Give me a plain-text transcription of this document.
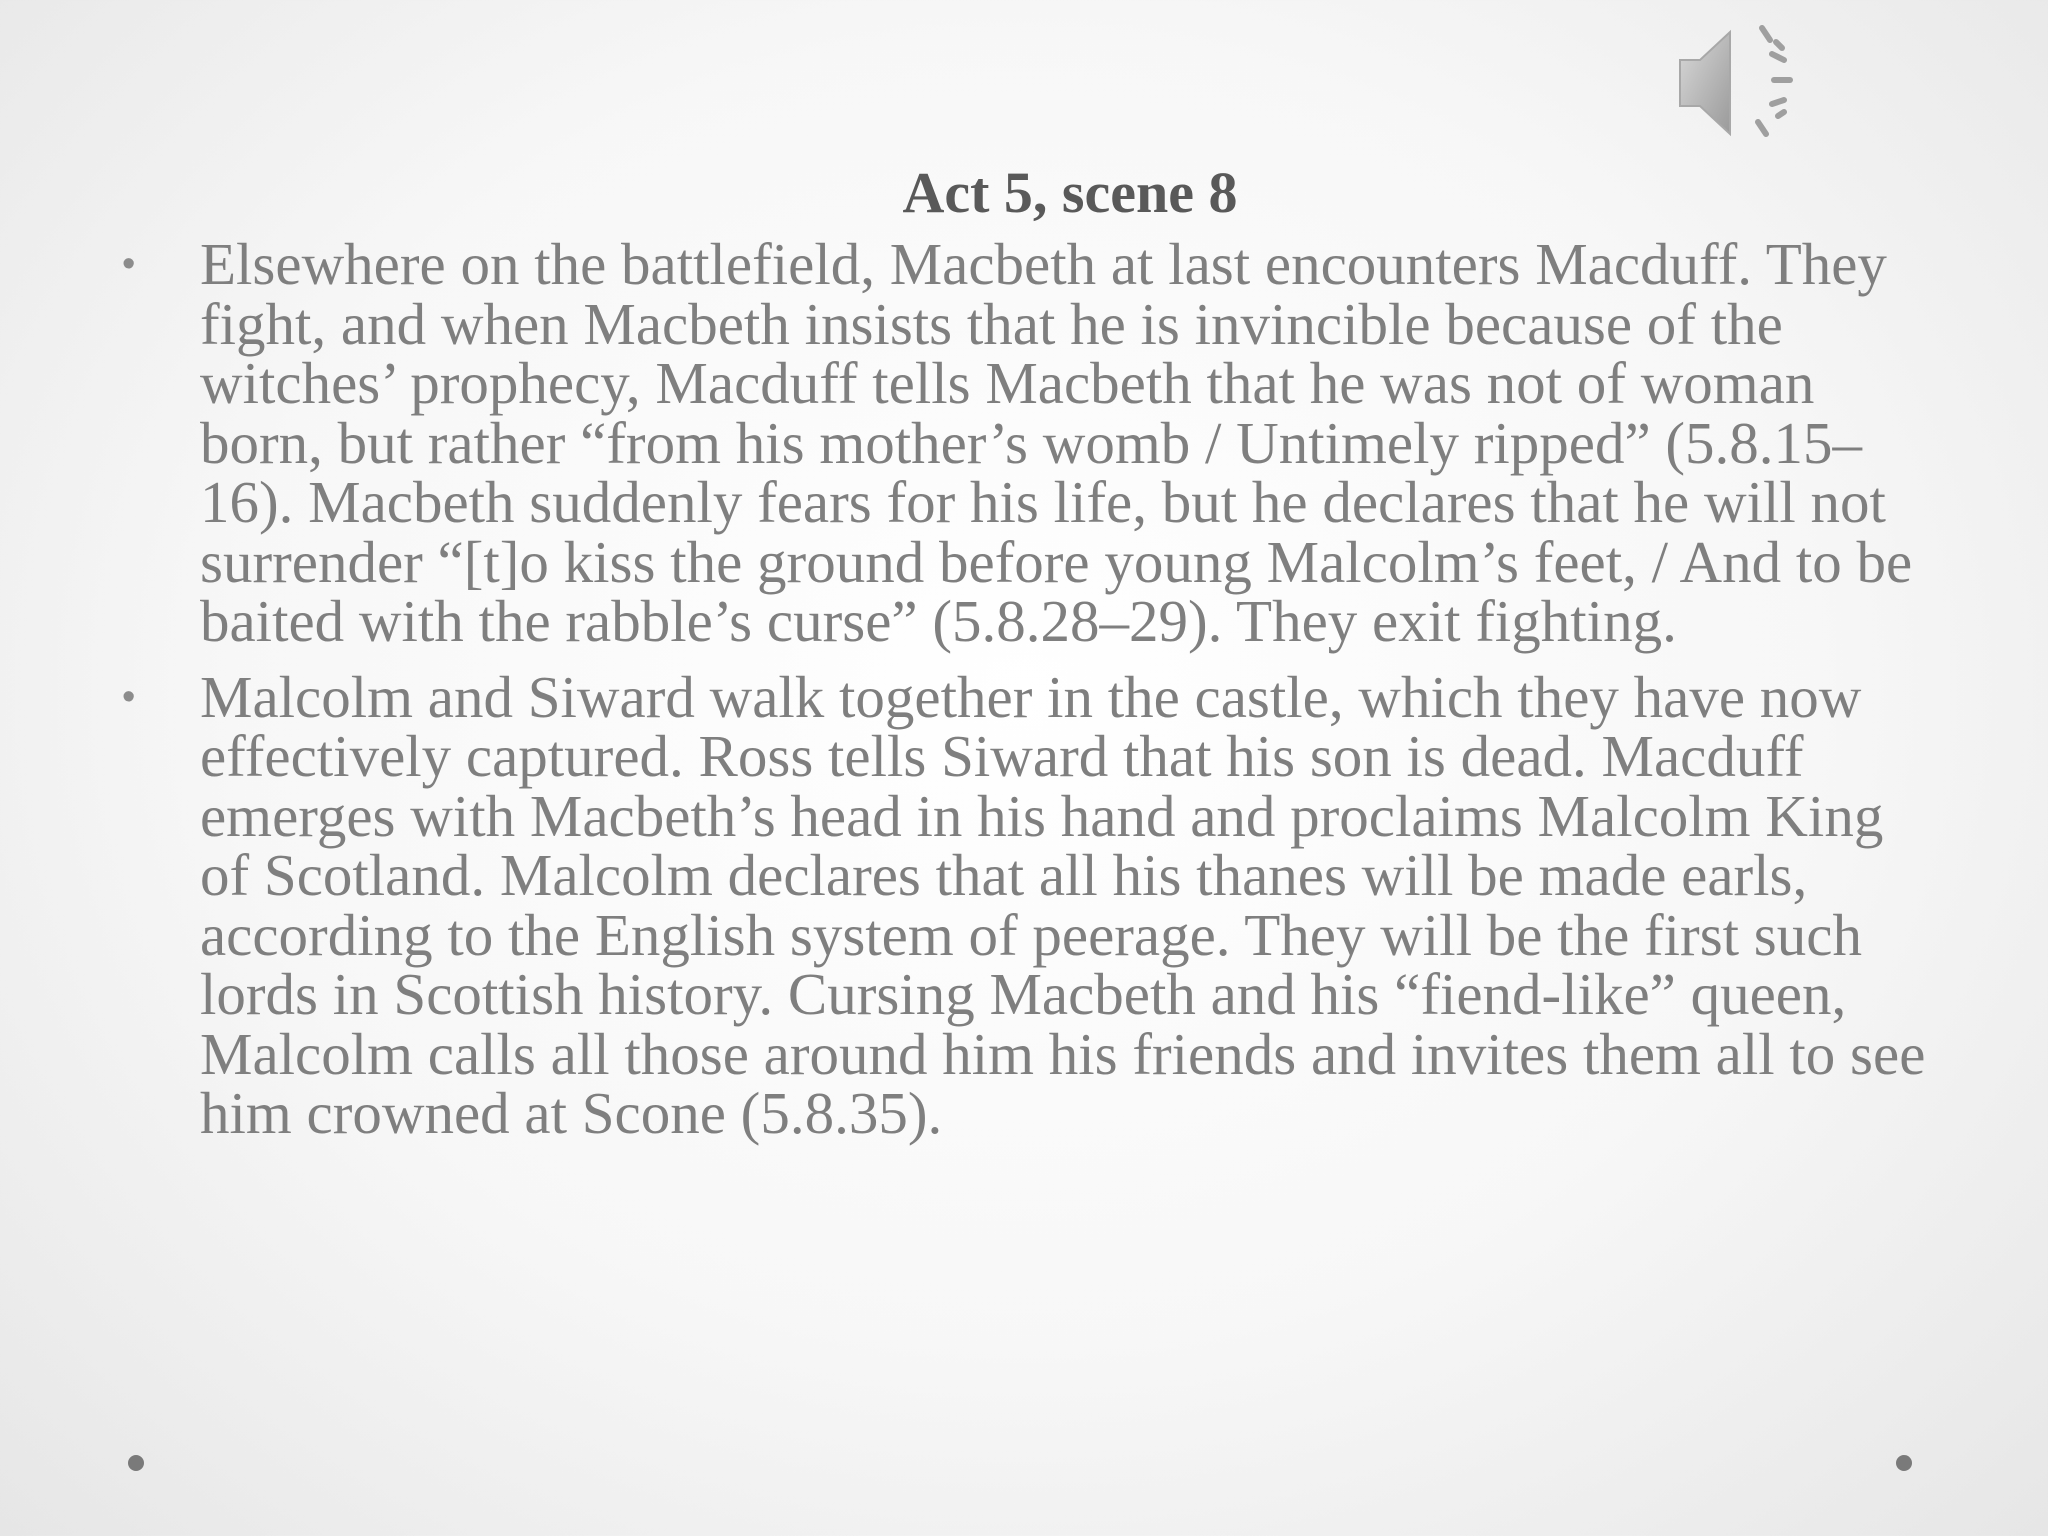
Act 5, scene 8
• Elsewhere on the battlefield, Macbeth at last encounters Macduff. They fight, and when Macbeth insists that he is invincible because of the witches’ prophecy, Macduff tells Macbeth that he was not of woman born, but rather “from his mother’s womb / Untimely ripped” (5.8.15–16). Macbeth suddenly fears for his life, but he declares that he will not surrender “[t]o kiss the ground before young Malcolm’s feet, / And to be baited with the rabble’s curse” (5.8.28–29). They exit fighting.
• Malcolm and Siward walk together in the castle, which they have now effectively captured. Ross tells Siward that his son is dead. Macduff emerges with Macbeth’s head in his hand and proclaims Malcolm King of Scotland. Malcolm declares that all his thanes will be made earls, according to the English system of peerage. They will be the first such lords in Scottish history. Cursing Macbeth and his “fiend-like” queen, Malcolm calls all those around him his friends and invites them all to see him crowned at Scone (5.8.35).
